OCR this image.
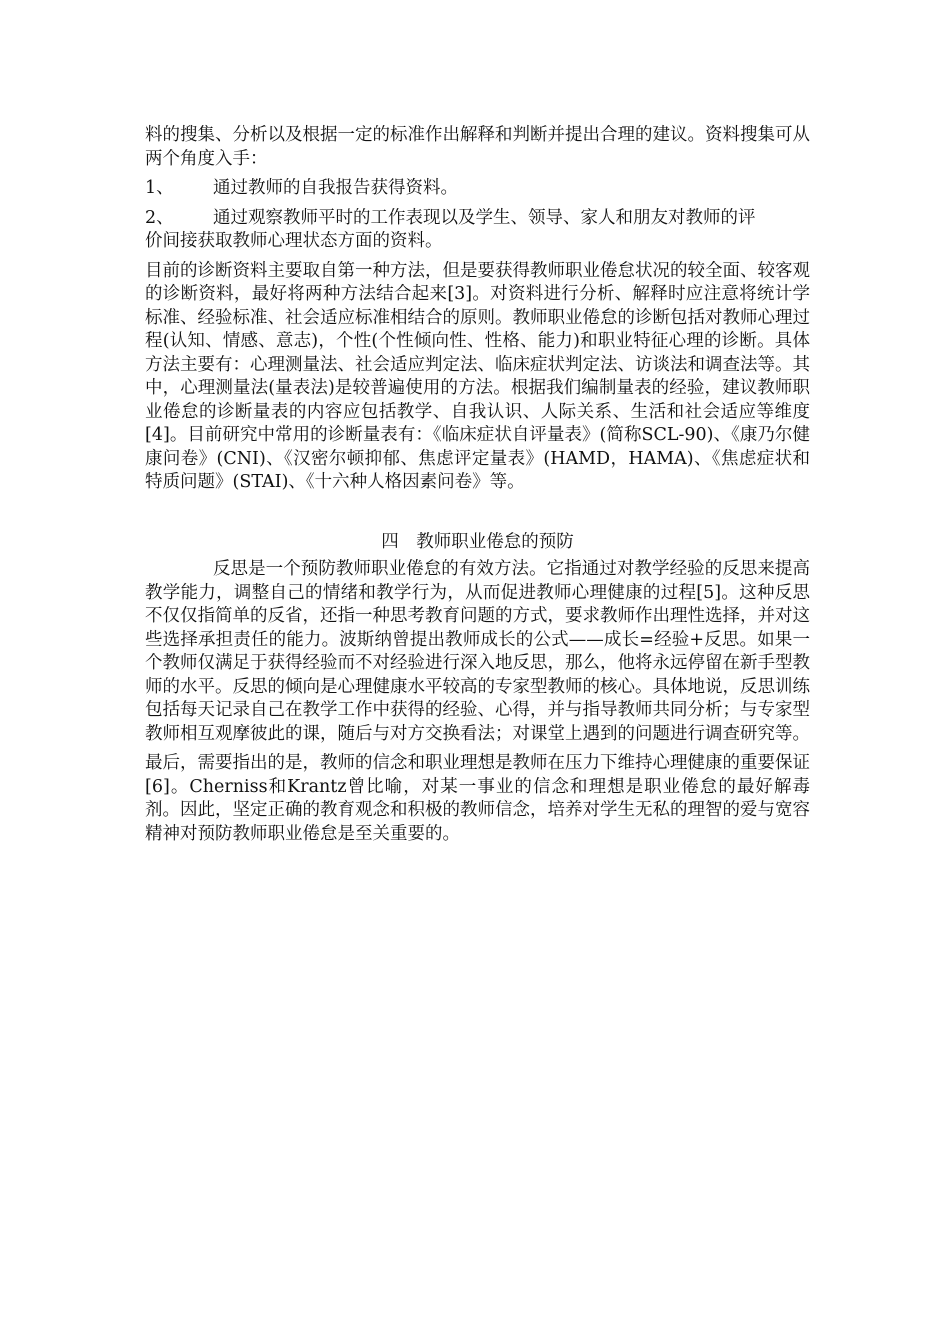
料的搜集、分析以及根据一定的标准作出解释和判断并提出合理的建议。资料搜集可从两个角度入手：

1、	通过教师的自我报告获得资料。
2、	通过观察教师平时的工作表现以及学生、领导、家人和朋友对教师的评

价间接获取教师心理状态方面的资料。

目前的诊断资料主要取自第一种方法，但是要获得教师职业倦怠状况的较全面、较客观的诊断资料，最好将两种方法结合起来[3]。对资料进行分析、解释时应注意将统计学标准、经验标准、社会适应标准相结合的原则。教师职业倦怠的诊断包括对教师心理过程(认知、情感、意志)，个性(个性倾向性、性格、能力)和职业特征心理的诊断。具体方法主要有：心理测量法、社会适应判定法、临床症状判定法、访谈法和调查法等。其中，心理测量法(量表法)是较普遍使用的方法。根据我们编制量表的经验，建议教师职业倦怠的诊断量表的内容应包括教学、自我认识、人际关系、生活和社会适应等维度[4]。目前研究中常用的诊断量表有：《临床症状自评量表》(简称SCL-90)、《康乃尔健康问卷》(CNI)、《汉密尔顿抑郁、焦虑评定量表》(HAMD，HAMA)、《焦虑症状和特质问题》(STAI)、《十六种人格因素问卷》等。

四　教师职业倦怠的预防

反思是一个预防教师职业倦怠的有效方法。它指通过对教学经验的反思来提高教学能力，调整自己的情绪和教学行为，从而促进教师心理健康的过程[5]。这种反思不仅仅指简单的反省，还指一种思考教育问题的方式，要求教师作出理性选择，并对这些选择承担责任的能力。波斯纳曾提出教师成长的公式——成长=经验+反思。如果一个教师仅满足于获得经验而不对经验进行深入地反思，那么，他将永远停留在新手型教师的水平。反思的倾向是心理健康水平较高的专家型教师的核心。具体地说，反思训练包括每天记录自己在教学工作中获得的经验、心得，并与指导教师共同分析；与专家型教师相互观摩彼此的课，随后与对方交换看法；对课堂上遇到的问题进行调查研究等。

最后，需要指出的是，教师的信念和职业理想是教师在压力下维持心理健康的重要保证[6]。Cherniss和Krantz曾比喻，对某一事业的信念和理想是职业倦怠的最好解毒剂。因此，坚定正确的教育观念和积极的教师信念，培养对学生无私的理智的爱与宽容精神对预防教师职业倦怠是至关重要的。
